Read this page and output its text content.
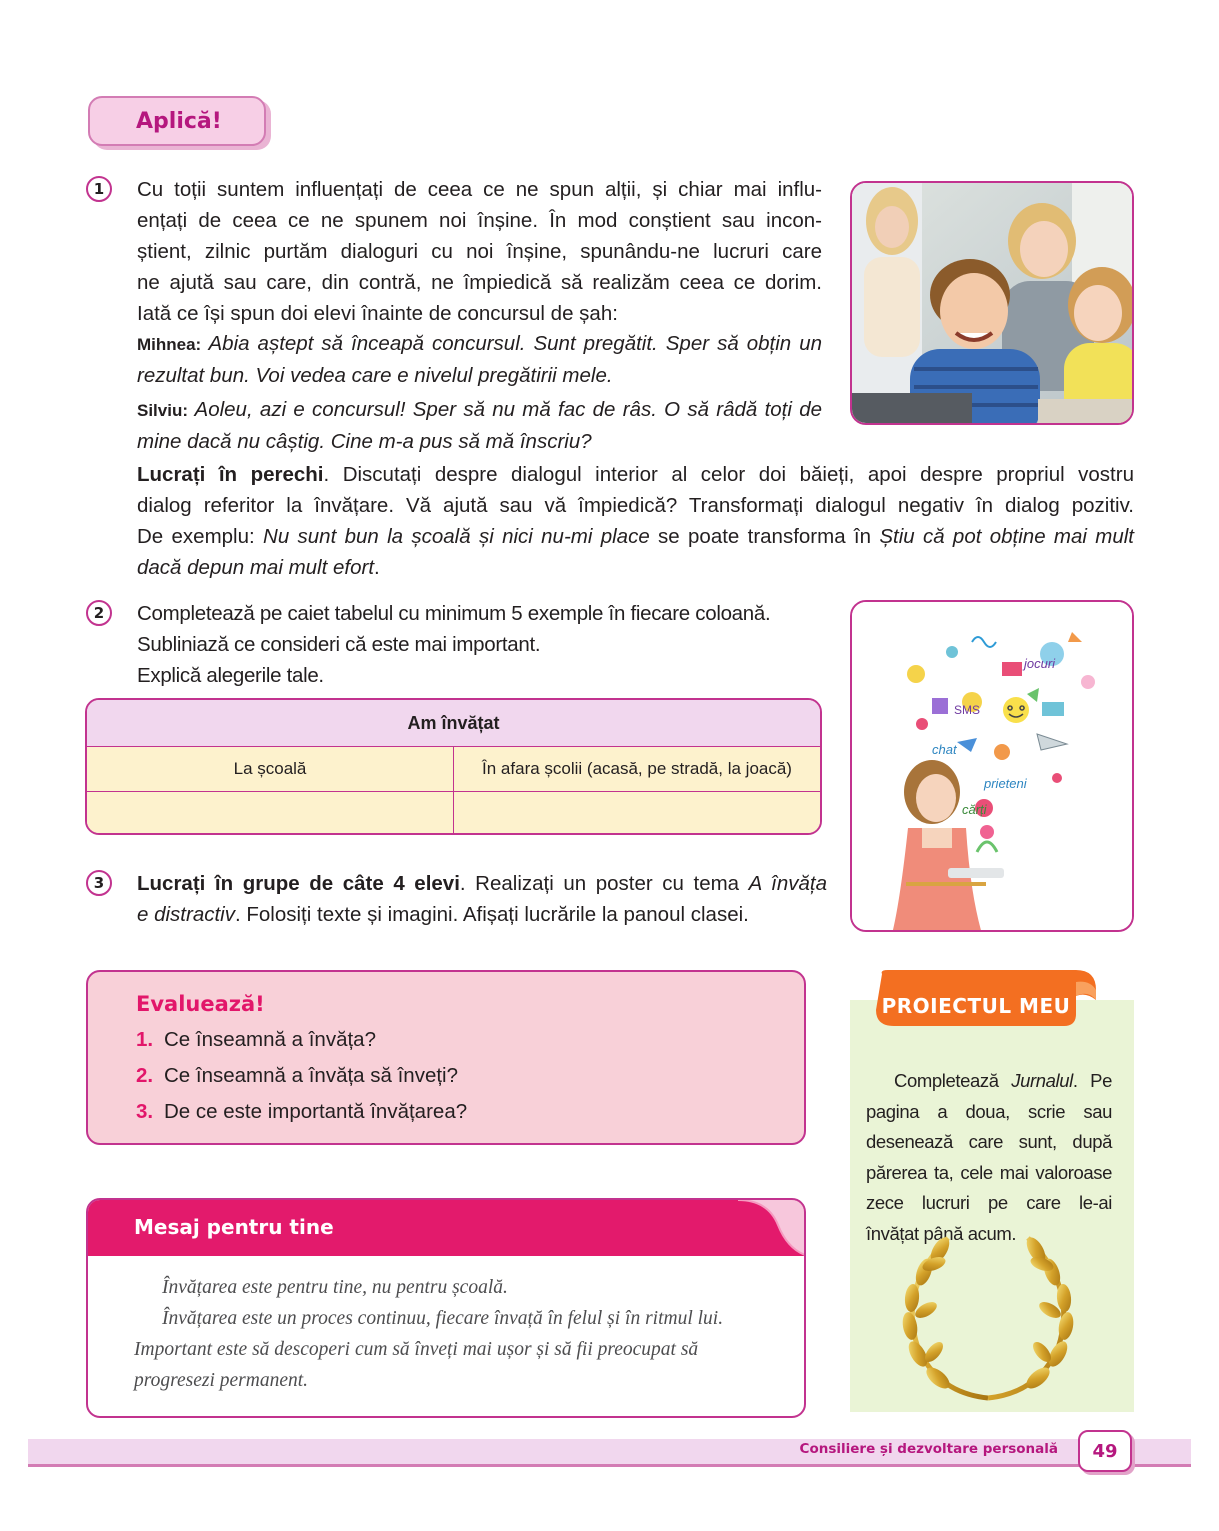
Aplică!
1	Cu toții suntem influențați de ceea ce ne spun alții, și chiar mai influ-
ențați de ceea ce ne spunem noi înșine. În mod conștient sau incon-
știent, zilnic purtăm dialoguri cu noi înșine, spunându-ne lucruri care
ne ajută sau care, din contră, ne împiedică să realizăm ceea ce dorim.
Iată ce își spun doi elevi înainte de concursul de șah:
Mihnea: Abia aștept să înceapă concursul. Sunt pregătit. Sper să obțin un
rezultat bun. Voi vedea care e nivelul pregătirii mele.
Silviu: Aoleu, azi e concursul! Sper să nu mă fac de râs. O să râdă toți de
mine dacă nu câștig. Cine m-a pus să mă înscriu?
Lucrați în perechi. Discutați despre dialogul interior al celor doi băieți, apoi despre propriul vostru
dialog referitor la învățare. Vă ajută sau vă împiedică? Transformați dialogul negativ în dialog pozitiv.
De exemplu: Nu sunt bun la școală și nici nu-mi place se poate transforma în Știu că pot obține mai mult
dacă depun mai mult efort.
2	Completează pe caiet tabelul cu minimum 5 exemple în fiecare coloană.
Subliniază ce consideri că este mai important.
Explică alegerile tale.
Am învățat
La școală	În afara școlii (acasă, pe stradă, la joacă)
3	Lucrați în grupe de câte 4 elevi. Realizați un poster cu tema A învăța
e distractiv. Folosiți texte și imagini. Afișați lucrările la panoul clasei.
jocuri
SMS
chat
prieteni
cărți
Evaluează!
1. Ce înseamnă a învăța?
2. Ce înseamnă a învăța să înveți?
3. De ce este importantă învățarea?
Mesaj pentru tine
Învățarea este pentru tine, nu pentru școală.
Învățarea este un proces continuu, fiecare învață în felul și în ritmul lui.
Important este să descoperi cum să înveți mai ușor și să fii preocupat să
progresezi permanent.
PROIECTUL MEU
Completează Jurnalul. Pe pagina a doua, scrie sau desenează care sunt, după părerea ta, cele mai valoroase zece lucruri pe care le-ai învățat până acum.
Consiliere și dezvoltare personală	49
